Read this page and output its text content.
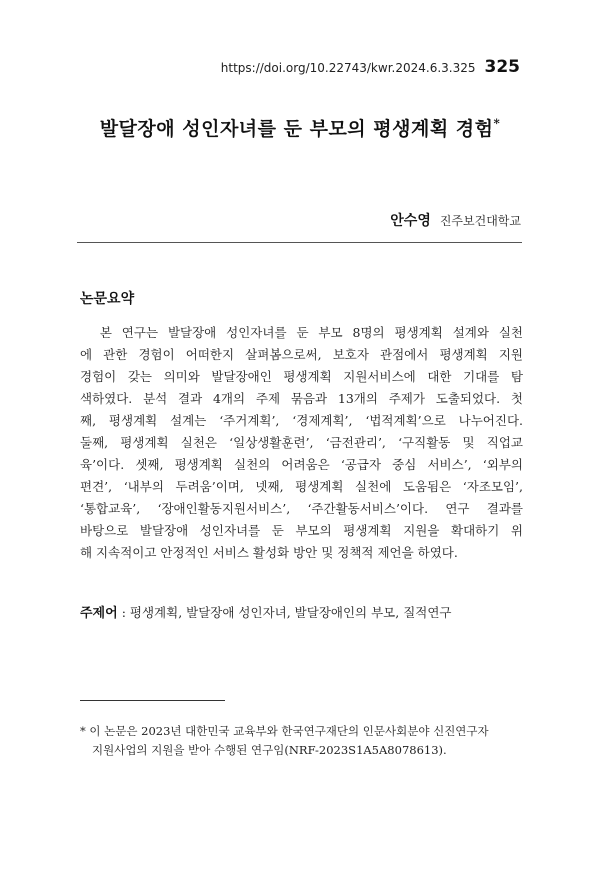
https://doi.org/10.22743/kwr.2024.6.3.325 325
발달장애 성인자녀를 둔 부모의 평생계획 경험*
안수영 진주보건대학교
논문요약
본 연구는 발달장애 성인자녀를 둔 부모 8명의 평생계획 설계와 실천
에 관한 경험이 어떠한지 살펴봄으로써, 보호자 관점에서 평생계획 지원
경험이 갖는 의미와 발달장애인 평생계획 지원서비스에 대한 기대를 탐
색하였다. 분석 결과 4개의 주제 묶음과 13개의 주제가 도출되었다. 첫
째, 평생계획 설계는 ‘주거계획’, ‘경제계획’, ‘법적계획’으로 나누어진다.
둘째, 평생계획 실천은 ‘일상생활훈련’, ‘금전관리’, ‘구직활동 및 직업교
육’이다. 셋째, 평생계획 실천의 어려움은 ‘공급자 중심 서비스’, ‘외부의
편견’, ‘내부의 두려움’이며, 넷째, 평생계획 실천에 도움됨은 ‘자조모임’,
‘통합교육’, ‘장애인활동지원서비스’, ‘주간활동서비스’이다. 연구 결과를
바탕으로 발달장애 성인자녀를 둔 부모의 평생계획 지원을 확대하기 위
해 지속적이고 안정적인 서비스 활성화 방안 및 정책적 제언을 하였다.
주제어 : 평생계획, 발달장애 성인자녀, 발달장애인의 부모, 질적연구
* 이 논문은 2023년 대한민국 교육부와 한국연구재단의 인문사회분야 신진연구자
지원사업의 지원을 받아 수행된 연구임(NRF-2023S1A5A8078613).
